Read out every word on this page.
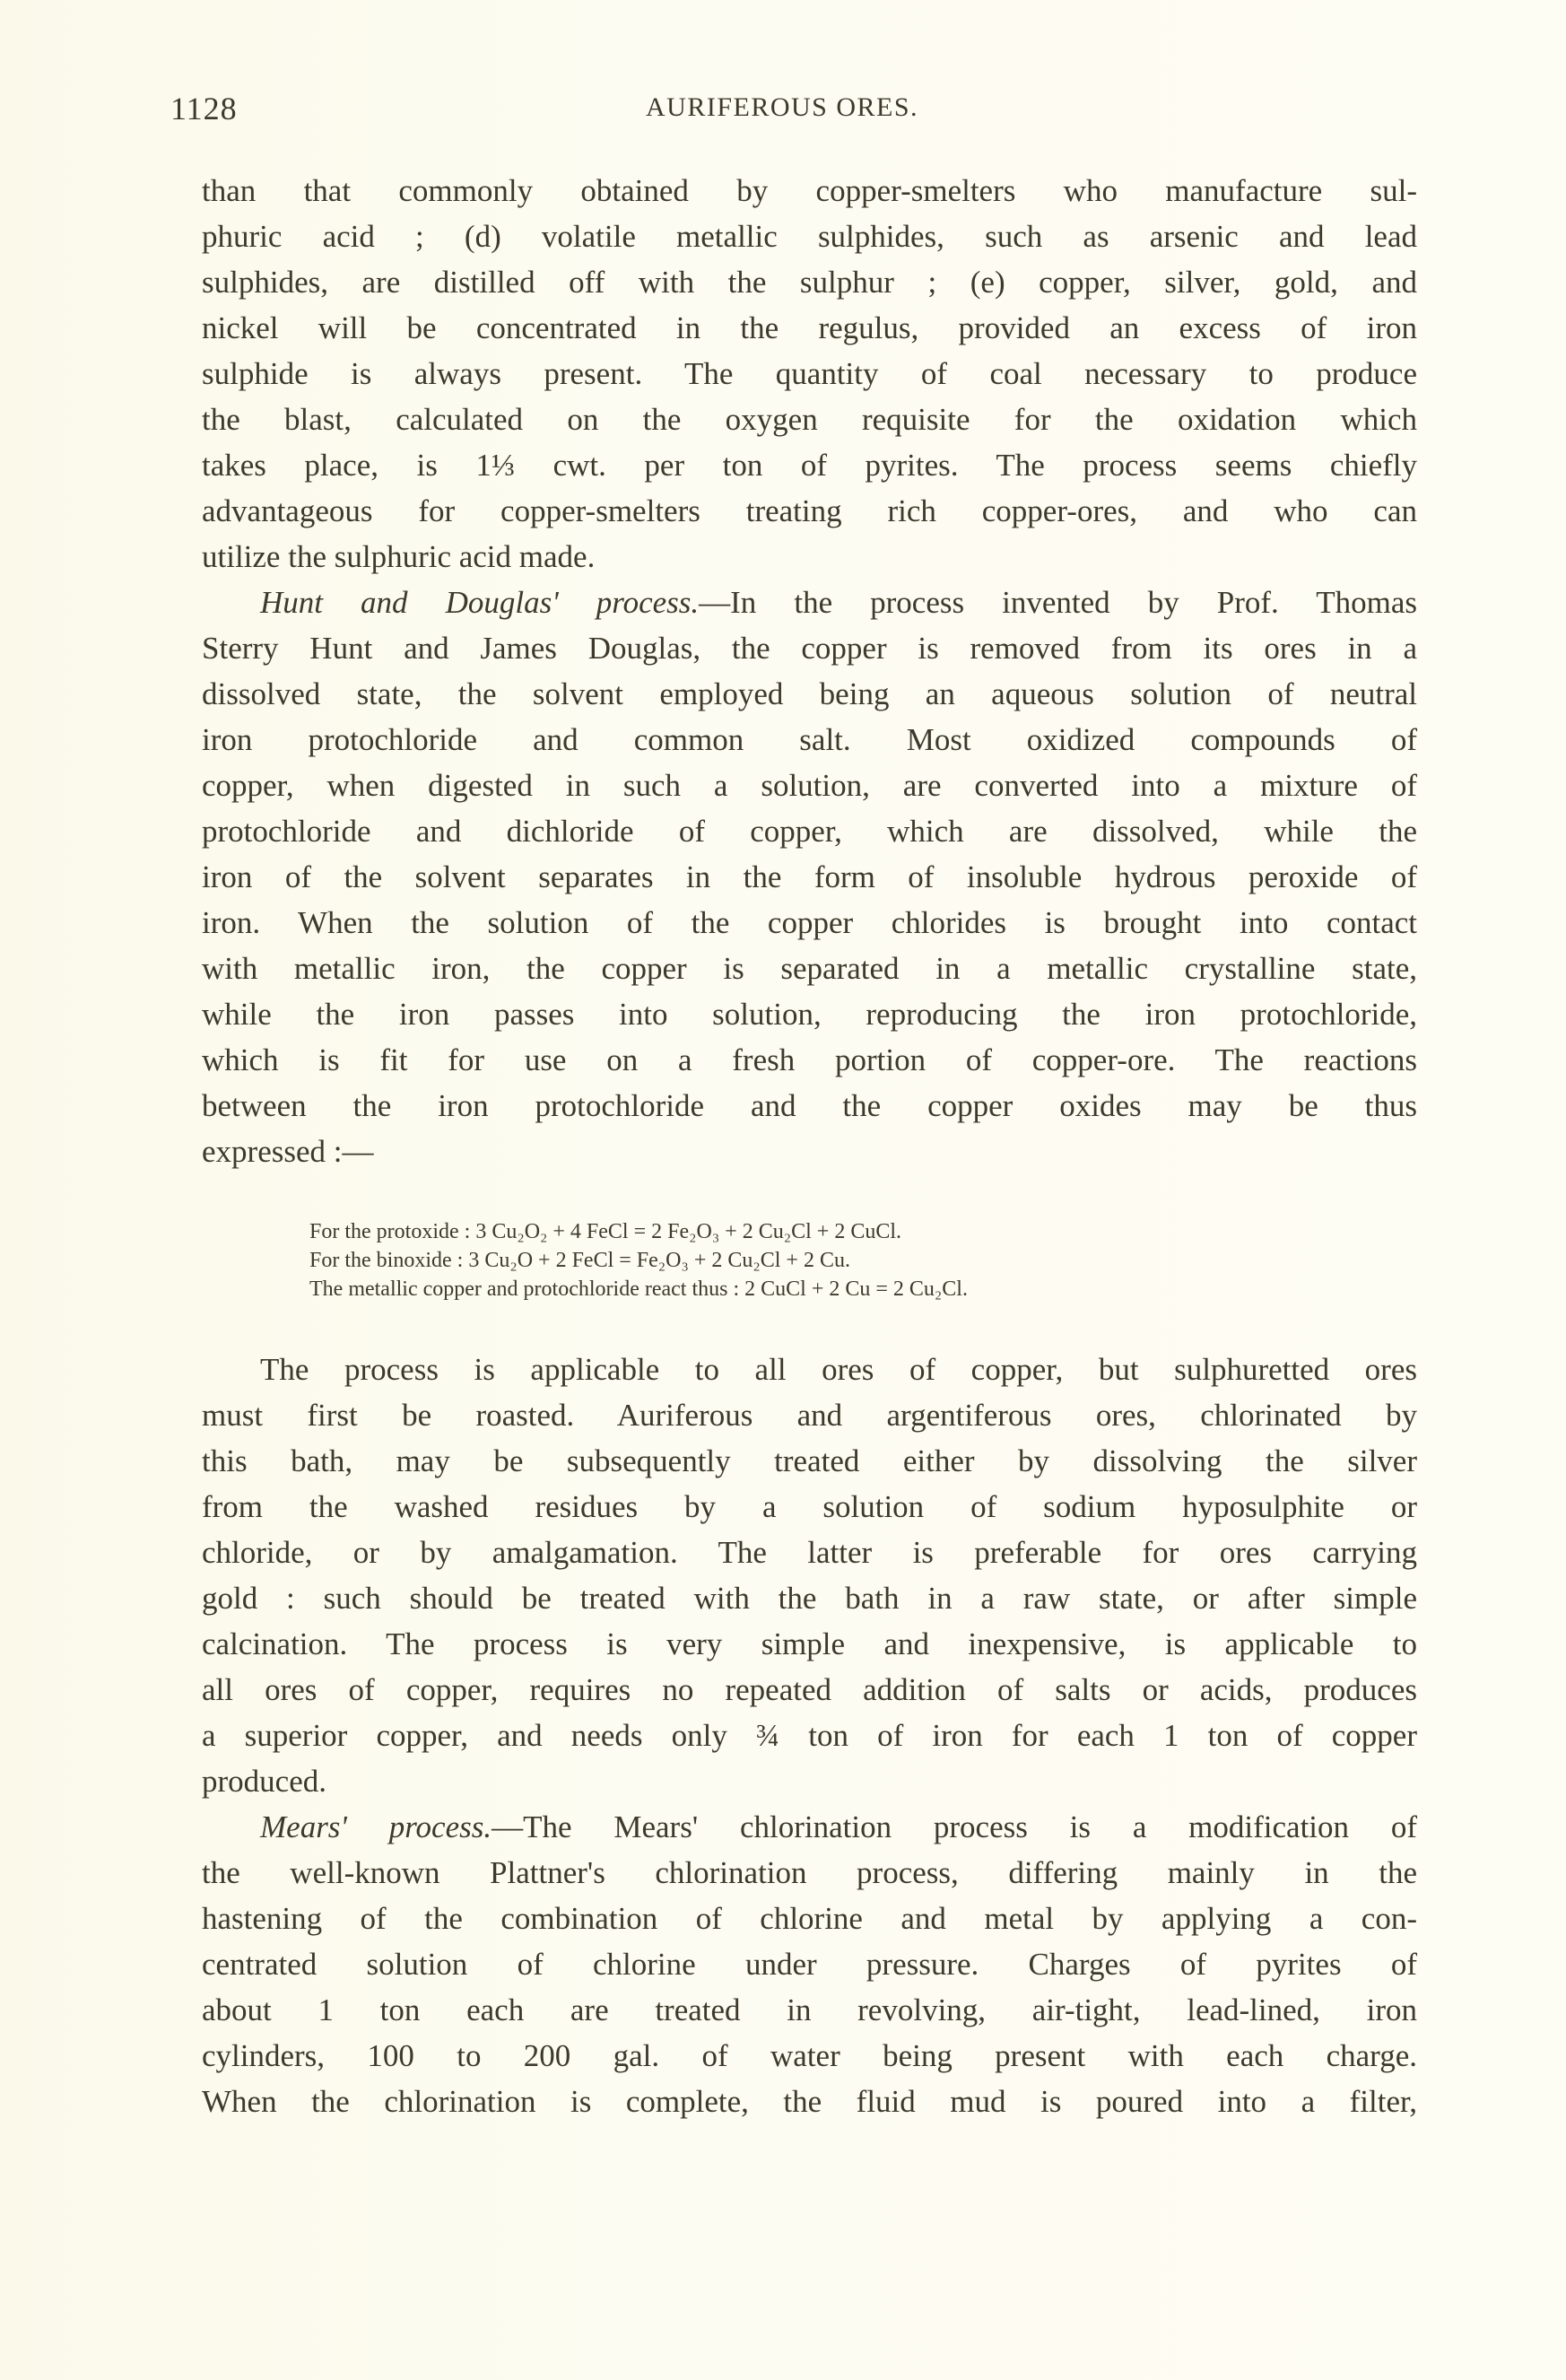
1128	AURIFEROUS ORES.
than that commonly obtained by copper-smelters who manufacture sul-
phuric acid ; (d) volatile metallic sulphides, such as arsenic and lead
sulphides, are distilled off with the sulphur ; (e) copper, silver, gold, and
nickel will be concentrated in the regulus, provided an excess of iron
sulphide is always present. The quantity of coal necessary to produce
the blast, calculated on the oxygen requisite for the oxidation which
takes place, is 1⅓ cwt. per ton of pyrites. The process seems chiefly
advantageous for copper-smelters treating rich copper-ores, and who can
utilize the sulphuric acid made.
Hunt and Douglas' process.—In the process invented by Prof. Thomas
Sterry Hunt and James Douglas, the copper is removed from its ores in a
dissolved state, the solvent employed being an aqueous solution of neutral
iron protochloride and common salt. Most oxidized compounds of
copper, when digested in such a solution, are converted into a mixture of
protochloride and dichloride of copper, which are dissolved, while the
iron of the solvent separates in the form of insoluble hydrous peroxide of
iron. When the solution of the copper chlorides is brought into contact
with metallic iron, the copper is separated in a metallic crystalline state,
while the iron passes into solution, reproducing the iron protochloride,
which is fit for use on a fresh portion of copper-ore. The reactions
between the iron protochloride and the copper oxides may be thus
expressed :—
For the protoxide : 3 Cu₂O₂ + 4 FeCl = 2 Fe₂O₃ + 2 Cu₂Cl + 2 CuCl.
For the binoxide : 3 Cu₂O + 2 FeCl = Fe₂O₃ + 2 Cu₂Cl + 2 Cu.
The metallic copper and protochloride react thus : 2 CuCl + 2 Cu = 2 Cu₂Cl.
The process is applicable to all ores of copper, but sulphuretted ores
must first be roasted. Auriferous and argentiferous ores, chlorinated by
this bath, may be subsequently treated either by dissolving the silver
from the washed residues by a solution of sodium hyposulphite or
chloride, or by amalgamation. The latter is preferable for ores carrying
gold : such should be treated with the bath in a raw state, or after simple
calcination. The process is very simple and inexpensive, is applicable to
all ores of copper, requires no repeated addition of salts or acids, produces
a superior copper, and needs only ¾ ton of iron for each 1 ton of copper
produced.
Mears' process.—The Mears' chlorination process is a modification of
the well-known Plattner's chlorination process, differing mainly in the
hastening of the combination of chlorine and metal by applying a con-
centrated solution of chlorine under pressure. Charges of pyrites of
about 1 ton each are treated in revolving, air-tight, lead-lined, iron
cylinders, 100 to 200 gal. of water being present with each charge.
When the chlorination is complete, the fluid mud is poured into a filter,
